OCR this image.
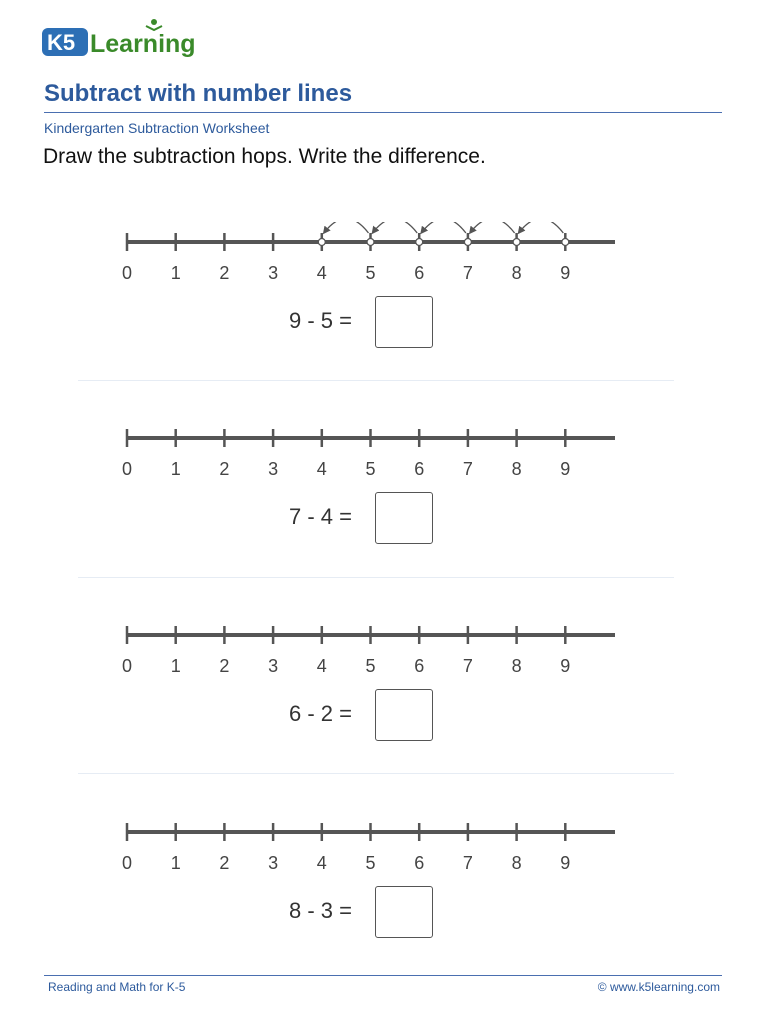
K5 Learning
Subtract with number lines
Kindergarten Subtraction Worksheet
Draw the subtraction hops. Write the difference.
0 1 2 3 4 5 6 7 8 9
9 - 5 =
0 1 2 3 4 5 6 7 8 9
7 - 4 =
0 1 2 3 4 5 6 7 8 9
6 - 2 =
0 1 2 3 4 5 6 7 8 9
8 - 3 =
Reading and Math for K-5	© www.k5learning.com
